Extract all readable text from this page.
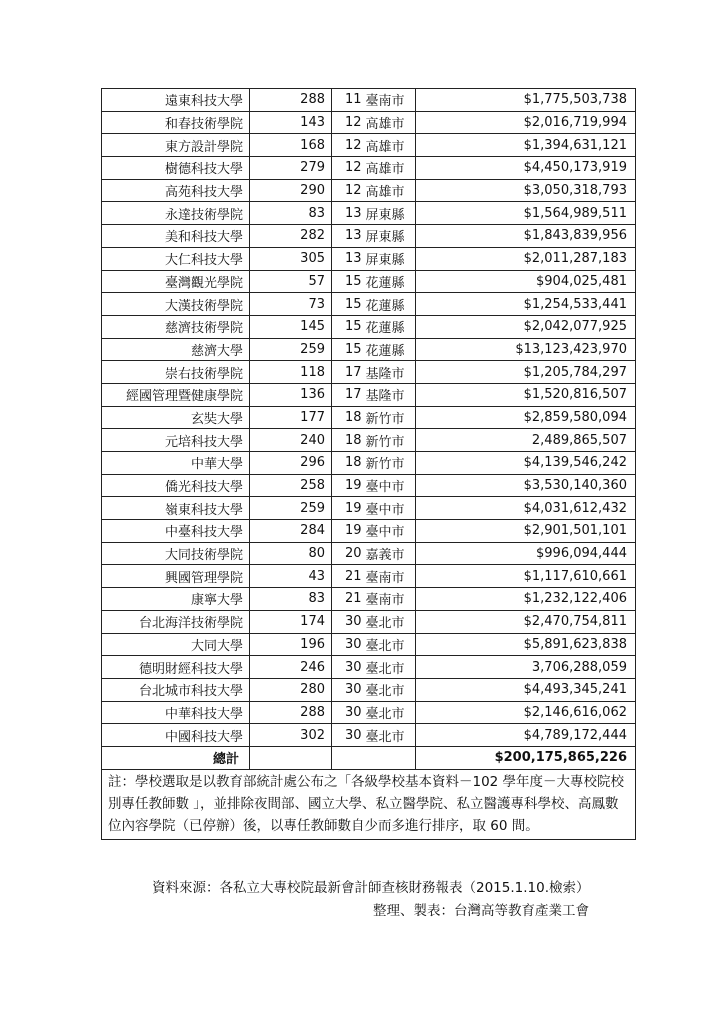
遠東科技大學	288	11	臺南市	$1,775,503,738
和春技術學院	143	12	高雄市	$2,016,719,994
東方設計學院	168	12	高雄市	$1,394,631,121
樹德科技大學	279	12	高雄市	$4,450,173,919
高苑科技大學	290	12	高雄市	$3,050,318,793
永達技術學院	83	13	屏東縣	$1,564,989,511
美和科技大學	282	13	屏東縣	$1,843,839,956
大仁科技大學	305	13	屏東縣	$2,011,287,183
臺灣觀光學院	57	15	花蓮縣	$904,025,481
大漢技術學院	73	15	花蓮縣	$1,254,533,441
慈濟技術學院	145	15	花蓮縣	$2,042,077,925
慈濟大學	259	15	花蓮縣	$13,123,423,970
崇右技術學院	118	17	基隆市	$1,205,784,297
經國管理暨健康學院	136	17	基隆市	$1,520,816,507
玄奘大學	177	18	新竹市	$2,859,580,094
元培科技大學	240	18	新竹市	2,489,865,507
中華大學	296	18	新竹市	$4,139,546,242
僑光科技大學	258	19	臺中市	$3,530,140,360
嶺東科技大學	259	19	臺中市	$4,031,612,432
中臺科技大學	284	19	臺中市	$2,901,501,101
大同技術學院	80	20	嘉義市	$996,094,444
興國管理學院	43	21	臺南市	$1,117,610,661
康寧大學	83	21	臺南市	$1,232,122,406
台北海洋技術學院	174	30	臺北市	$2,470,754,811
大同大學	196	30	臺北市	$5,891,623,838
德明財經科技大學	246	30	臺北市	3,706,288,059
台北城市科技大學	280	30	臺北市	$4,493,345,241
中華科技大學	288	30	臺北市	$2,146,616,062
中國科技大學	302	30	臺北市	$4,789,172,444
總計				$200,175,865,226
註：學校選取是以教育部統計處公布之「各級學校基本資料－102 學年度－大專校院校別專任教師數 」，並排除夜間部、國立大學、私立醫學院、私立醫護專科學校、高鳳數位內容學院（已停辦）後，以專任教師數自少而多進行排序，取 60 間。				
資料來源：各私立大專校院最新會計師查核財務報表（2015.1.10.檢索）
整理、製表：台灣高等教育產業工會
